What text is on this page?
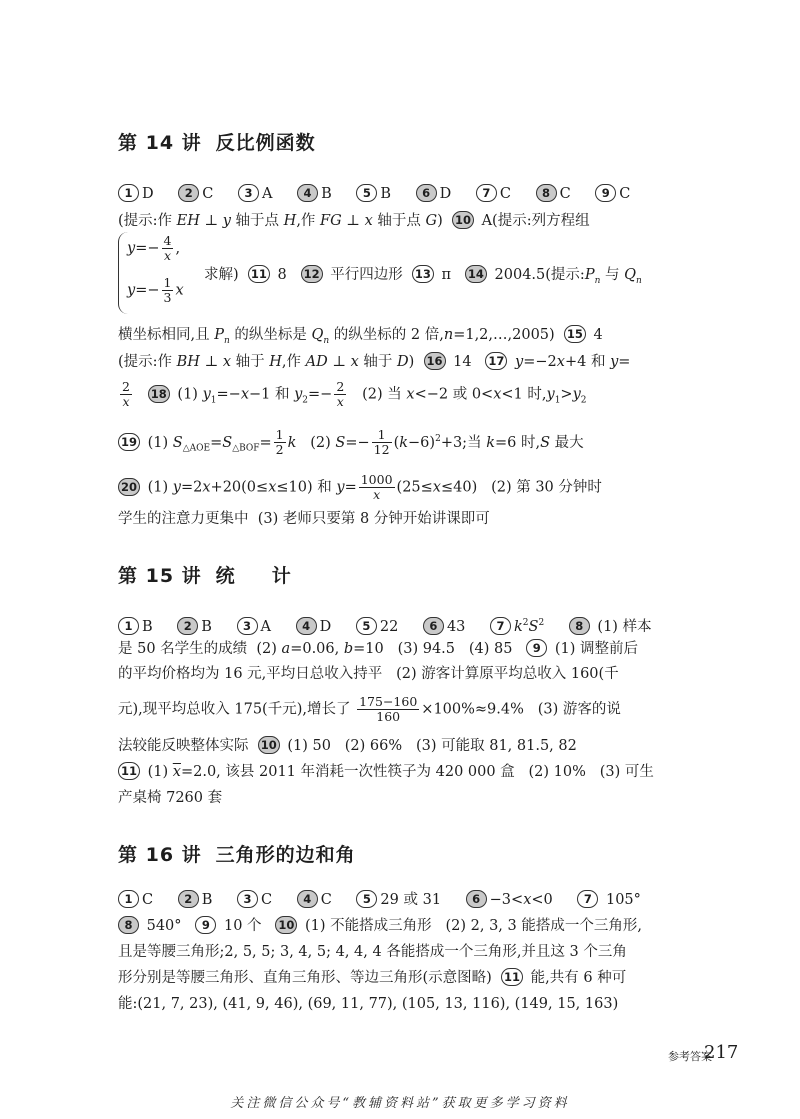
第 14 讲 反比例函数
1 D	2 C	3 A	4 B	5 B	6 D	7 C	8 C	9 C
(提示:作 EH ⊥ y 轴于点 H,作 FG ⊥ x 轴于点 G)  10 A(提示:列方程组
$y=- \frac{4}{x}$ ,
$y=- \frac{1}{3}$ x
求解)  11 8   12 平行四边形  13 π   14 2004.5(提示$:P_n$ 与 $Q_n$
横坐标相同,且 $P_n$ 的纵坐标是 $Q_n$ 的纵坐标的 2 倍,n=1,2,…,2005)  15 4
(提示:作 BH ⊥ x 轴于 H,作 AD ⊥ x 轴于 D)  16 14   17 y=−2x+4 和 y=
$\frac{2}{x} 18$ (1) $y_1=-x-1$ 和 $y_2=- \frac{2}{x} (2)$ 当 x<−2 或 0<x<1 时$,y_1>y_2$
19 (1) $S_{\triangle AOE}=S_{\triangle BOF}= \frac{1}{2}$ k   (2) $S=- \frac{1}{12} (k-6)^2+3$;当 k=6 时,S 最大
20 (1) y=2x+20(0≤x≤10) 和 $y= \frac{1000}{x} (25\le x\le 40)$   (2) 第 30 分钟时
学生的注意力更集中  (3) 老师只要第 8 分钟开始讲课即可
第 15 讲 统 计
1 B	2 B	3 A	4 D	5 22	6 43	7 $k^2S^2$	8 (1) 样本
是 50 名学生的成绩  (2) a=0.06, b=10   (3) 94.5   (4) 85   9 (1) 调整前后
的平均价格均为 16 元,平均日总收入持平   (2) 游客计算原平均总收入 160(千
元),现平均总收入 175(千元),增长了 $\frac{175-160}{160} \times 100\%\approx 9.4\%$   (3) 游客的说
法较能反映整体实际  10 (1) 50   (2) 66%   (3) 可能取 81, 81.5, 82
11 (1) $\overline{x}=2.0$, 该县 2011 年消耗一次性筷子为 420 000 盒   (2) 10%   (3) 可生
产桌椅 7260 套
第 16 讲 三角形的边和角
1 C	2 B	3 C	4 C	5 29 或 31	6 −3<x<0	7 105°
8 540°   9 10 个   10 (1) 不能搭成三角形   (2) 2, 3, 3 能搭成一个三角形,
且是等腰三角形;2, 5, 5; 3, 4, 5; 4, 4, 4 各能搭成一个三角形,并且这 3 个三角
形分别是等腰三角形、直角三角形、等边三角形(示意图略)  11 能,共有 6 种可
能:(21, 7, 23), (41, 9, 46), (69, 11, 77), (105, 13, 116), (149, 15, 163)
参考答案
217
关注微信公众号“教辅资料站”获取更多学习资料
